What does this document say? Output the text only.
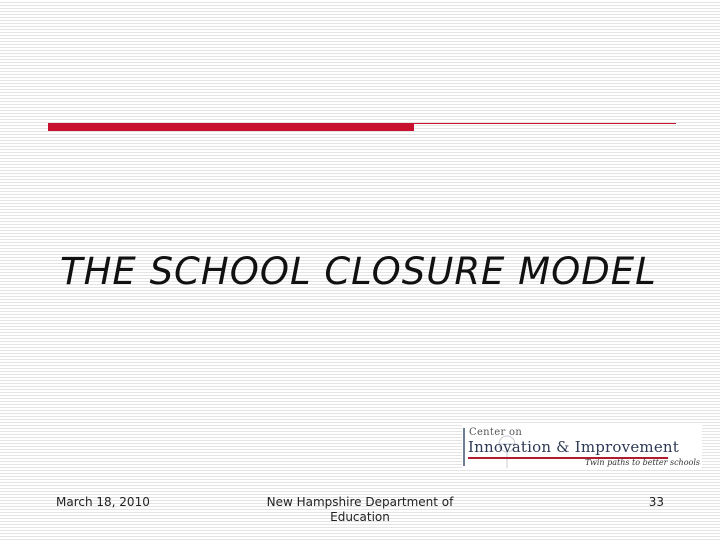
THE SCHOOL CLOSURE MODEL
Center on
Innovation & Improvement
Twin paths to better schools
March 18, 2010	New Hampshire Department of
Education
33
